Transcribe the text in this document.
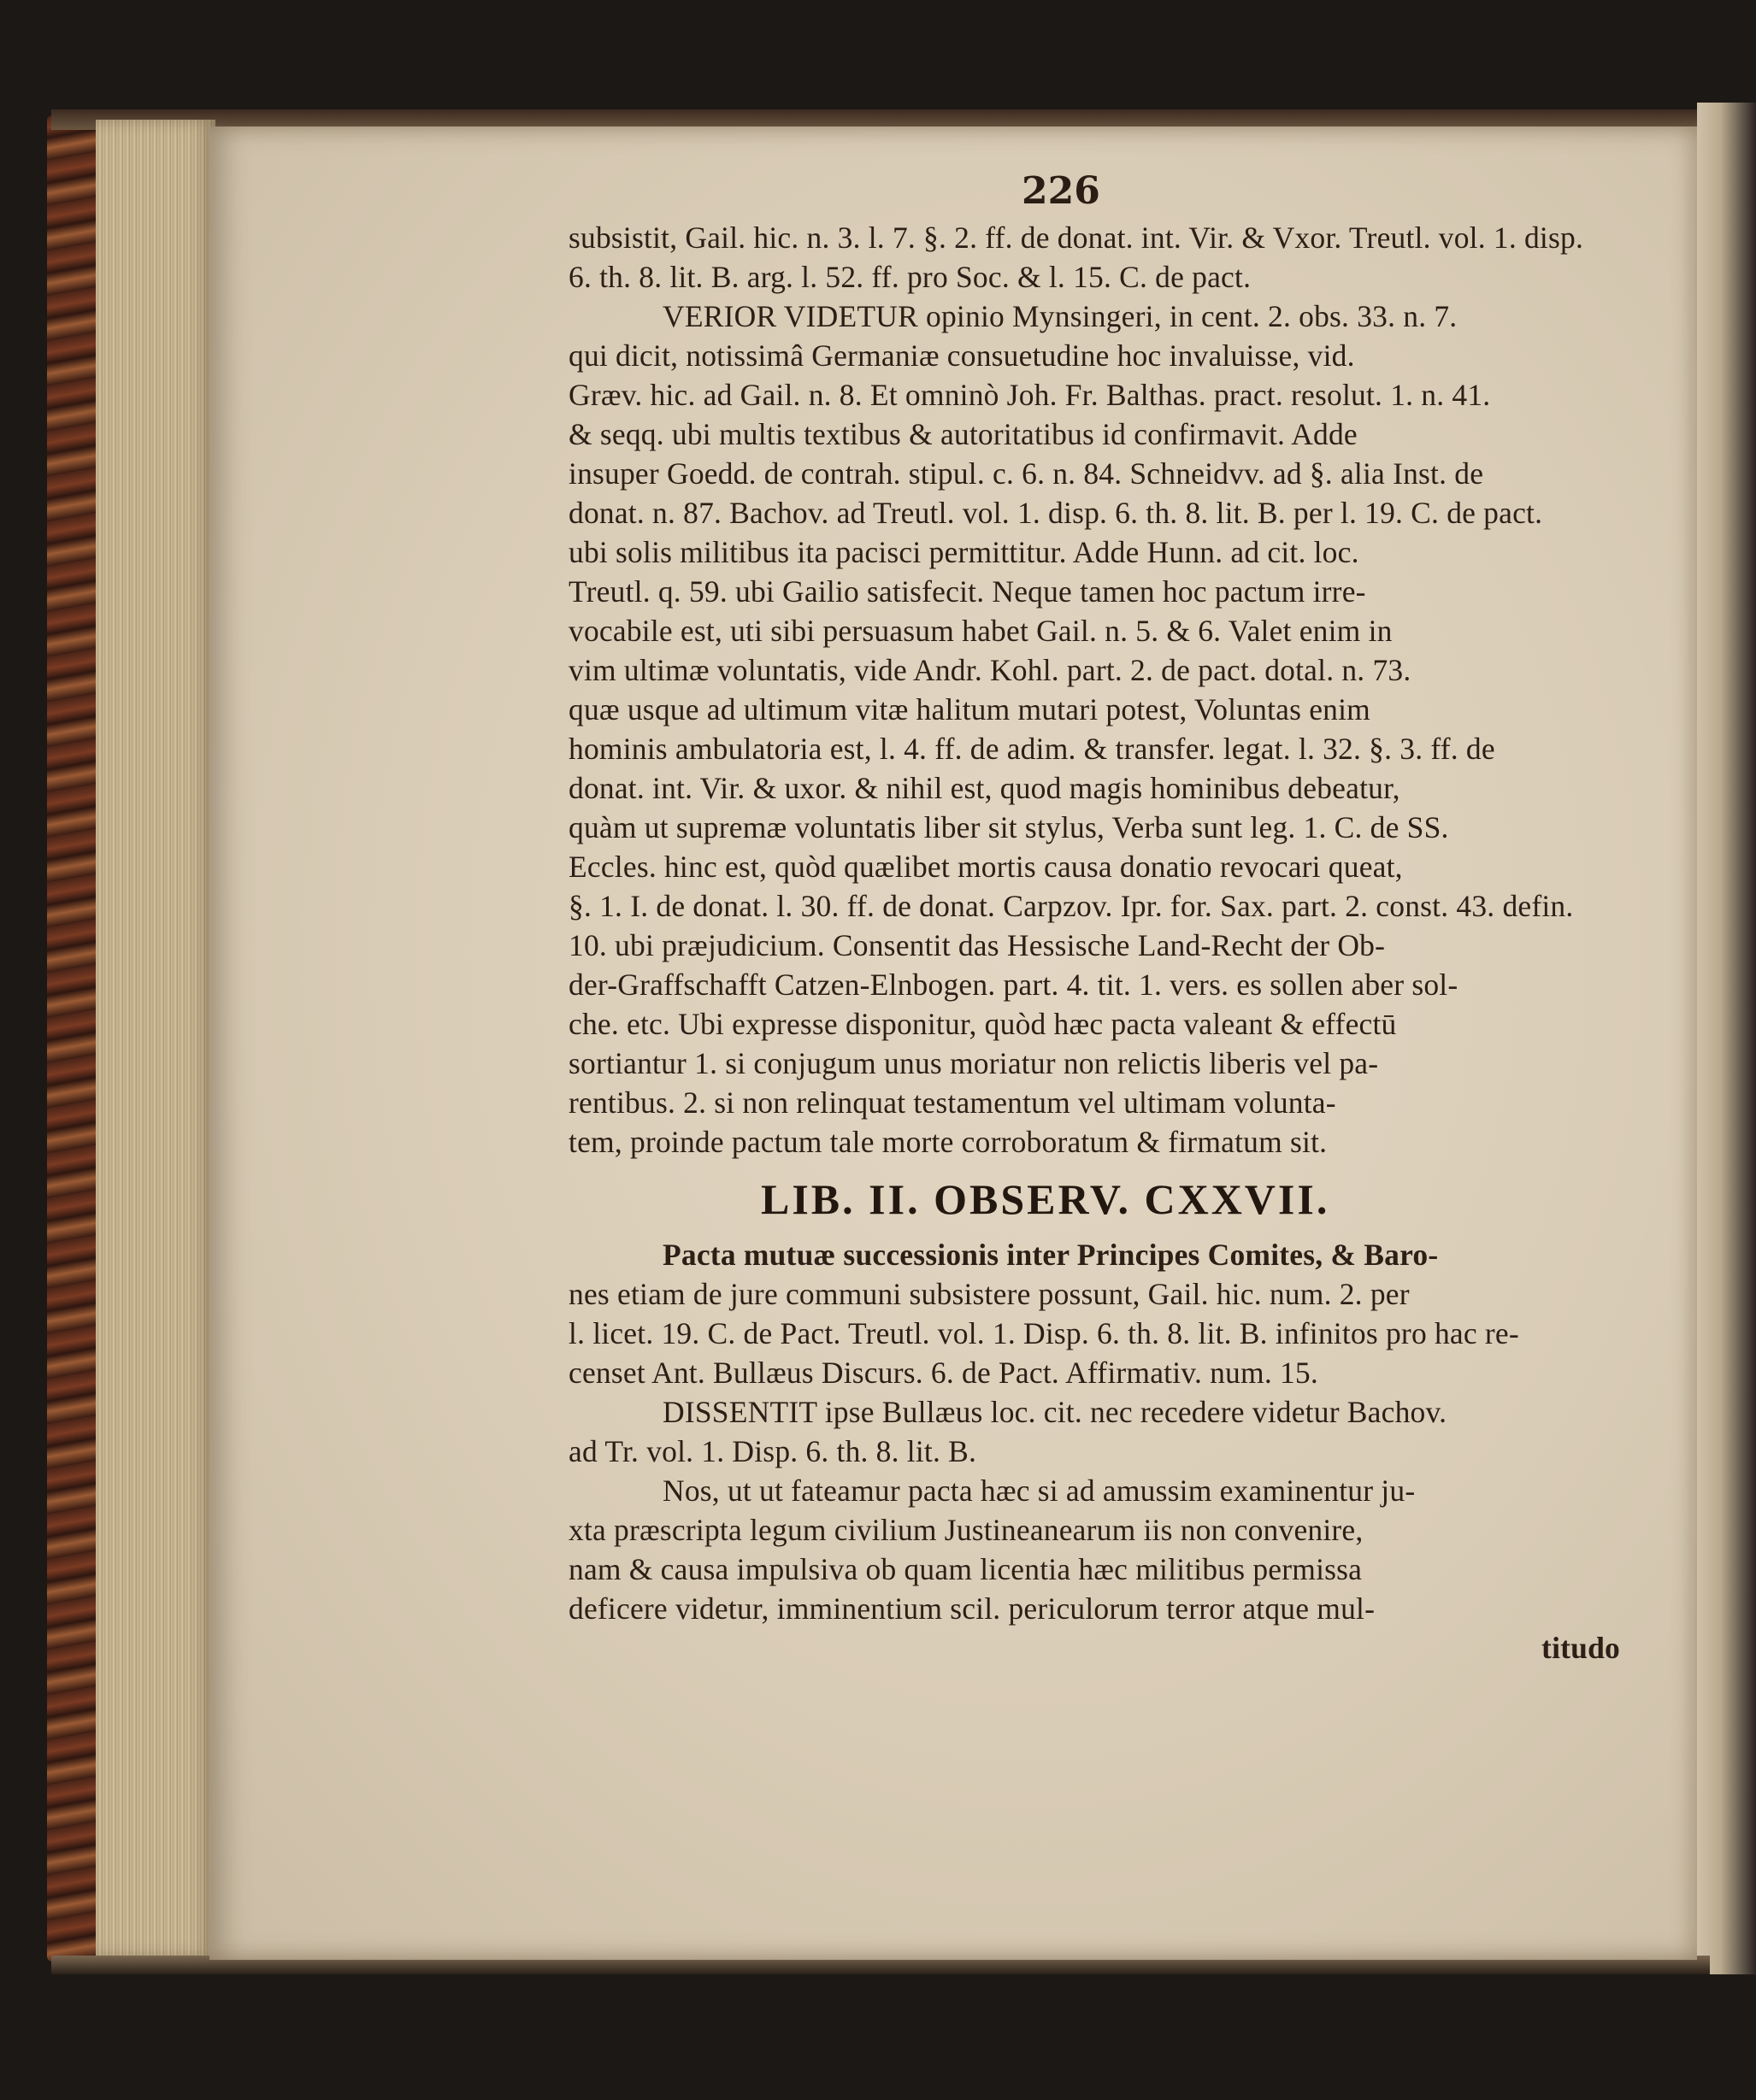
226

subsistit, Gail. hic. n. 3. l. 7. §. 2. ff. de donat. int. Vir. & Vxor. Treutl. vol. 1. disp.
6. th. 8. lit. B. arg. l. 52. ff. pro Soc. & l. 15. C. de pact.
VERIOR VIDETUR opinio Mynsingeri, in cent. 2. obs. 33. n. 7.
qui dicit, notissimâ Germaniæ consuetudine hoc invaluisse, vid.
Græv. hic. ad Gail. n. 8. Et omninò Joh. Fr. Balthas. pract. resolut. 1. n. 41.
& seqq. ubi multis textibus & autoritatibus id confirmavit. Adde
insuper Goedd. de contrah. stipul. c. 6. n. 84. Schneidvv. ad §. alia Inst. de
donat. n. 87. Bachov. ad Treutl. vol. 1. disp. 6. th. 8. lit. B. per l. 19. C. de pact.
ubi solis militibus ita pacisci permittitur. Adde Hunn. ad cit. loc.
Treutl. q. 59. ubi Gailio satisfecit. Neque tamen hoc pactum irre-
vocabile est, uti sibi persuasum habet Gail. n. 5. & 6. Valet enim in
vim ultimæ voluntatis, vide Andr. Kohl. part. 2. de pact. dotal. n. 73.
quæ usque ad ultimum vitæ halitum mutari potest, Voluntas enim
hominis ambulatoria est, l. 4. ff. de adim. & transfer. legat. l. 32. §. 3. ff. de
donat. int. Vir. & uxor. & nihil est, quod magis hominibus debeatur,
quàm ut supremæ voluntatis liber sit stylus, Verba sunt leg. 1. C. de SS.
Eccles. hinc est, quòd quælibet mortis causa donatio revocari queat,
§. 1. I. de donat. l. 30. ff. de donat. Carpzov. Ipr. for. Sax. part. 2. const. 43. defin.
10. ubi præjudicium. Consentit das Hessische Land-Recht der Ob-
der-Graffschafft Catzen-Elnbogen. part. 4. tit. 1. vers. es sollen aber sol-
che. etc. Ubi expresse disponitur, quòd hæc pacta valeant & effectū
sortiantur 1. si conjugum unus moriatur non relictis liberis vel pa-
rentibus. 2. si non relinquat testamentum vel ultimam volunta-
tem, proinde pactum tale morte corroboratum & firmatum sit.
LIB. II. OBSERV. CXXVII.
Pacta mutuæ successionis inter Principes Comites, & Baro-
nes etiam de jure communi subsistere possunt, Gail. hic. num. 2. per
l. licet. 19. C. de Pact. Treutl. vol. 1. Disp. 6. th. 8. lit. B. infinitos pro hac re-
censet Ant. Bullæus Discurs. 6. de Pact. Affirmativ. num. 15.
DISSENTIT ipse Bullæus loc. cit. nec recedere videtur Bachov.
ad Tr. vol. 1. Disp. 6. th. 8. lit. B.
Nos, ut ut fateamur pacta hæc si ad amussim examinentur ju-
xta præscripta legum civilium Justineanearum iis non convenire,
nam & causa impulsiva ob quam licentia hæc militibus permissa
deficere videtur, imminentium scil. periculorum terror atque mul-
titudo
